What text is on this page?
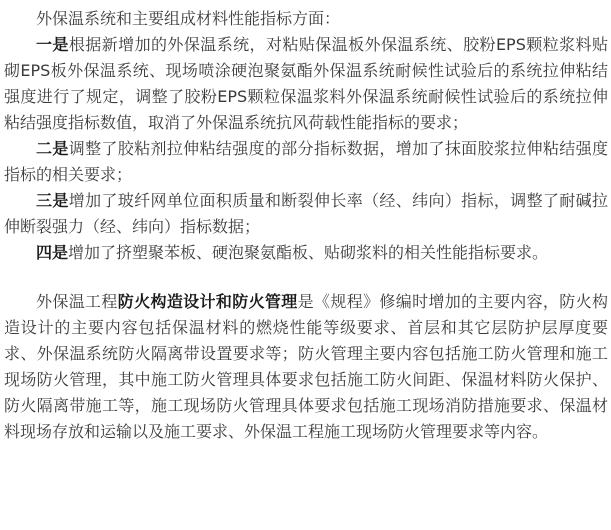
外保温系统和主要组成材料性能指标方面：

一是根据新增加的外保温系统，对粘贴保温板外保温系统、胶粉EPS颗粒浆料贴砌EPS板外保温系统、现场喷涂硬泡聚氨酯外保温系统耐候性试验后的系统拉伸粘结强度进行了规定，调整了胶粉EPS颗粒保温浆料外保温系统耐候性试验后的系统拉伸粘结强度指标数值，取消了外保温系统抗风荷载性能指标的要求；

二是调整了胶粘剂拉伸粘结强度的部分指标数据，增加了抹面胶浆拉伸粘结强度指标的相关要求；

三是增加了玻纤网单位面积质量和断裂伸长率（经、纬向）指标，调整了耐碱拉伸断裂强力（经、纬向）指标数据；

四是增加了挤塑聚苯板、硬泡聚氨酯板、贴砌浆料的相关性能指标要求。

外保温工程防火构造设计和防火管理是《规程》修编时增加的主要内容，防火构造设计的主要内容包括保温材料的燃烧性能等级要求、首层和其它层防护层厚度要求、外保温系统防火隔离带设置要求等；防火管理主要内容包括施工防火管理和施工现场防火管理，其中施工防火管理具体要求包括施工防火间距、保温材料防火保护、防火隔离带施工等，施工现场防火管理具体要求包括施工现场消防措施要求、保温材料现场存放和运输以及施工要求、外保温工程施工现场防火管理要求等内容。
